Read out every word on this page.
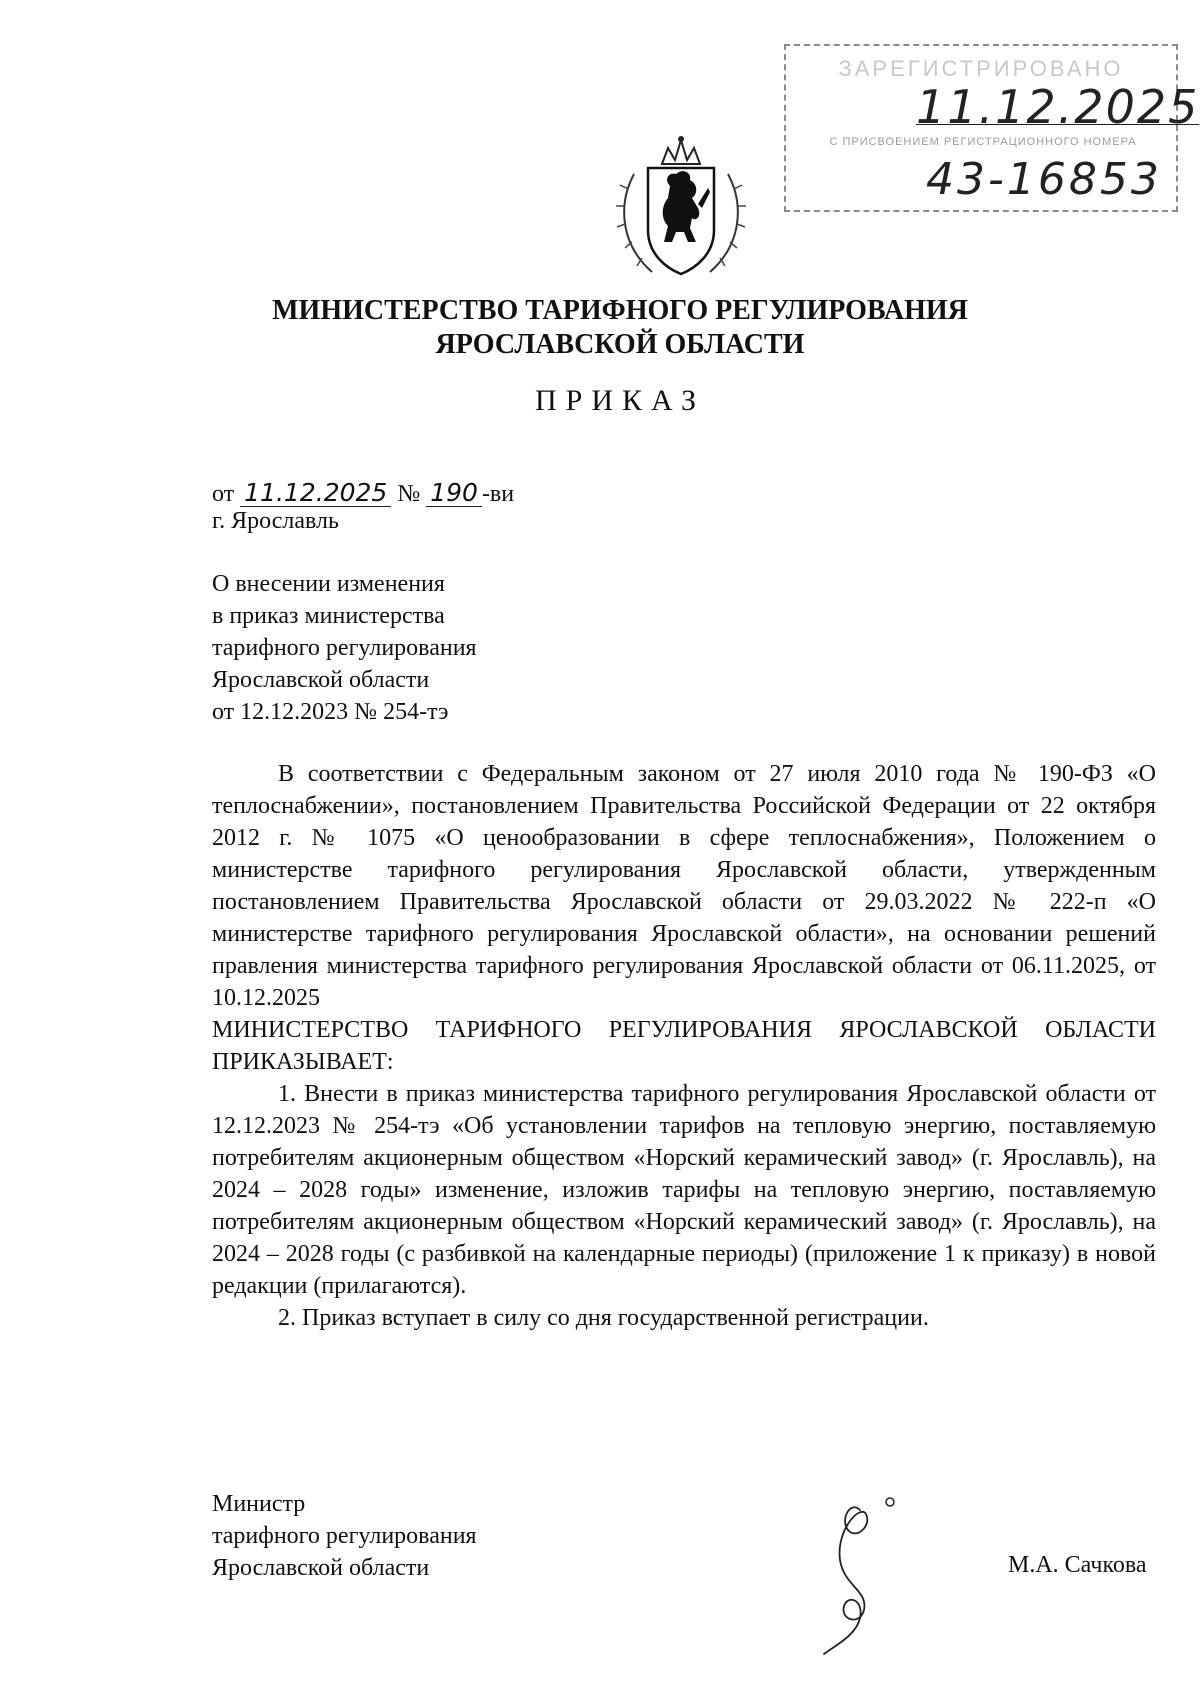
ЗАРЕГИСТРИРОВАНО
11.12.2025
С ПРИСВОЕНИЕМ РЕГИСТРАЦИОННОГО НОМЕРА
43-16853
МИНИСТЕРСТВО ТАРИФНОГО РЕГУЛИРОВАНИЯ
ЯРОСЛАВСКОЙ ОБЛАСТИ
ПРИКАЗ
от 11.12.2025 № 190 -ви
г. Ярославль
О внесении изменения
в приказ министерства
тарифного регулирования
Ярославской области
от 12.12.2023 № 254-тэ

В соответствии с Федеральным законом от 27 июля 2010 года № 190-ФЗ «О теплоснабжении», постановлением Правительства Российской Федерации от 22 октября 2012 г. № 1075 «О ценообразовании в сфере теплоснабжения», Положением о министерстве тарифного регулирования Ярославской области, утвержденным постановлением Правительства Ярославской области от 29.03.2022 № 222-п «О министерстве тарифного регулирования Ярославской области», на основании решений правления министерства тарифного регулирования Ярославской области от 06.11.2025, от 10.12.2025

МИНИСТЕРСТВО ТАРИФНОГО РЕГУЛИРОВАНИЯ ЯРОСЛАВСКОЙ ОБЛАСТИ ПРИКАЗЫВАЕТ:

1. Внести в приказ министерства тарифного регулирования Ярославской области от 12.12.2023 № 254-тэ «Об установлении тарифов на тепловую энергию, поставляемую потребителям акционерным обществом «Норский керамический завод» (г. Ярославль), на 2024 – 2028 годы» изменение, изложив тарифы на тепловую энергию, поставляемую потребителям акционерным обществом «Норский керамический завод» (г. Ярославль), на 2024 – 2028 годы (с разбивкой на календарные периоды) (приложение 1 к приказу) в новой редакции (прилагаются).

2. Приказ вступает в силу со дня государственной регистрации.

Министр
тарифного регулирования
Ярославской области	М.А. Сачкова
